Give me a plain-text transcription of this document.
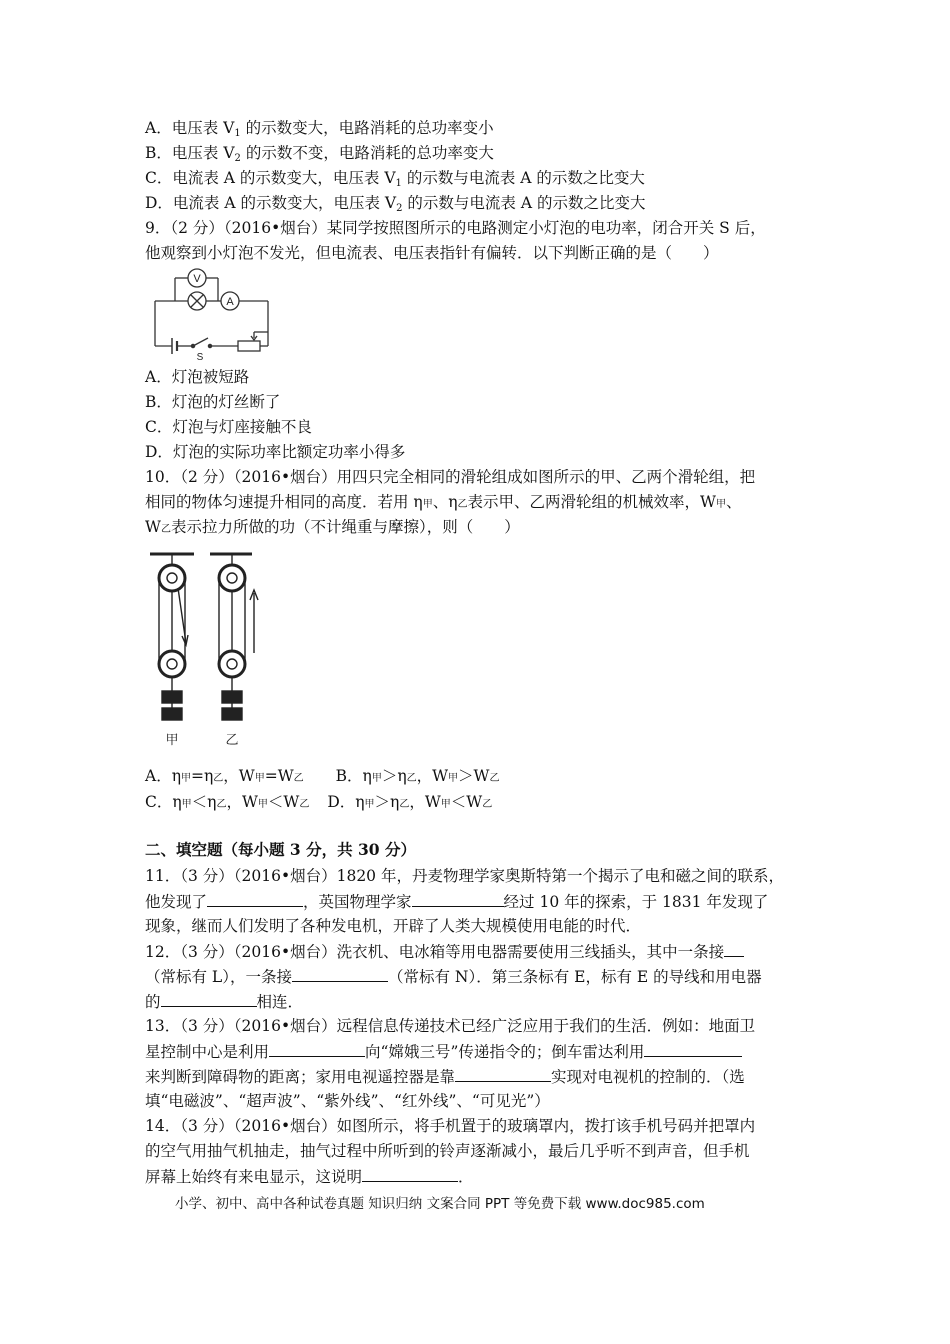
A．电压表 $V_1$ 的示数变大，电路消耗的总功率变小
B．电压表 $V_2$ 的示数不变，电路消耗的总功率变大
C．电流表 A 的示数变大，电压表 $V_1$ 的示数与电流表 A 的示数之比变大
D．电流表 A 的示数变大，电压表 $V_2$ 的示数与电流表 A 的示数之比变大
9．（2 分）（2016•烟台）某同学按照图所示的电路测定小灯泡的电功率，闭合开关 S 后，
他观察到小灯泡不发光，但电流表、电压表指针有偏转．以下判断正确的是（　　）
V
A
S
A．灯泡被短路
B．灯泡的灯丝断了
C．灯泡与灯座接触不良
D．灯泡的实际功率比额定功率小得多
10．（2 分）（2016•烟台）用四只完全相同的滑轮组成如图所示的甲、乙两个滑轮组，把
相同的物体匀速提升相同的高度．若用 η甲、η乙表示甲、乙两滑轮组的机械效率，W甲、
W乙表示拉力所做的功（不计绳重与摩擦），则（　　）
甲	乙
A．η甲=η乙，W甲=W乙 B．η甲＞η乙，W甲＞W乙
C．η甲＜η乙，W甲＜W乙 D．η甲＞η乙，W甲＜W乙
二、填空题（每小题 3 分，共 30 分）
11．（3 分）（2016•烟台）1820 年，丹麦物理学家奥斯特第一个揭示了电和磁之间的联系，
他发现了	，英国物理学家	经过 10 年的探索，于 1831 年发现了
现象，继而人们发明了各种发电机，开辟了人类大规模使用电能的时代．
12．（3 分）（2016•烟台）洗衣机、电冰箱等用电器需要使用三线插头，其中一条接
（常标有 L），一条接	（常标有 N）．第三条标有 E，标有 E 的导线和用电器
的	相连．
13．（3 分）（2016•烟台）远程信息传递技术已经广泛应用于我们的生活．例如：地面卫
星控制中心是利用	向“嫦娥三号”传递指令的；倒车雷达利用
来判断到障碍物的距离；家用电视遥控器是靠	实现对电视机的控制的．（选
填“电磁波”、“超声波”、“紫外线”、“红外线”、“可见光”）
14．（3 分）（2016•烟台）如图所示，将手机置于的玻璃罩内，拨打该手机号码并把罩内
的空气用抽气机抽走，抽气过程中所听到的铃声逐渐减小，最后几乎听不到声音，但手机
屏幕上始终有来电显示，这说明	．
小学、初中、高中各种试卷真题 知识归纳 文案合同 PPT 等免费下载 www.doc985.com
